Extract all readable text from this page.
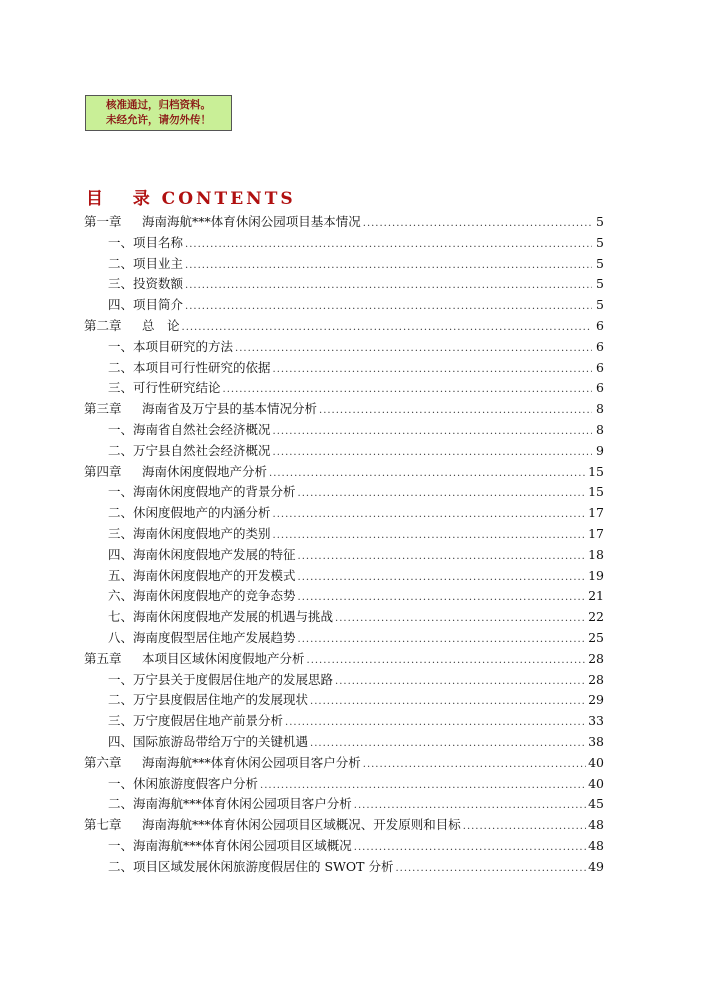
核准通过，归档资料。
未经允许，请勿外传！
目   录 CONTENTS
第一章 海南海航***体育休闲公园项目基本情况 .....	5
一、项目名称 .....	5
二、项目业主 .....	5
三、投资数额 .....	5
四、项目简介 .....	5
第二章 总　论 .....	6
一、本项目研究的方法 .....	6
二、本项目可行性研究的依据 .....	6
三、可行性研究结论 .....	6
第三章 海南省及万宁县的基本情况分析 .....	8
一、海南省自然社会经济概况 .....	8
二、万宁县自然社会经济概况 .....	9
第四章 海南休闲度假地产分析 .....	15
一、海南休闲度假地产的背景分析 .....	15
二、休闲度假地产的内涵分析 .....	17
三、海南休闲度假地产的类别 .....	17
四、海南休闲度假地产发展的特征 .....	18
五、海南休闲度假地产的开发模式 .....	19
六、海南休闲度假地产的竞争态势 .....	21
七、海南休闲度假地产发展的机遇与挑战 .....	22
八、海南度假型居住地产发展趋势 .....	25
第五章 本项目区域休闲度假地产分析 .....	28
一、万宁县关于度假居住地产的发展思路 .....	28
二、万宁县度假居住地产的发展现状 .....	29
三、万宁度假居住地产前景分析 .....	33
四、国际旅游岛带给万宁的关键机遇 .....	38
第六章 海南海航***体育休闲公园项目客户分析 .....	40
一、休闲旅游度假客户分析 .....	40
二、海南海航***体育休闲公园项目客户分析 .....	45
第七章 海南海航***体育休闲公园项目区域概况、开发原则和目标 .....	48
一、海南海航***体育休闲公园项目区域概况 .....	48
二、项目区域发展休闲旅游度假居住的 SWOT 分析 .....	49
